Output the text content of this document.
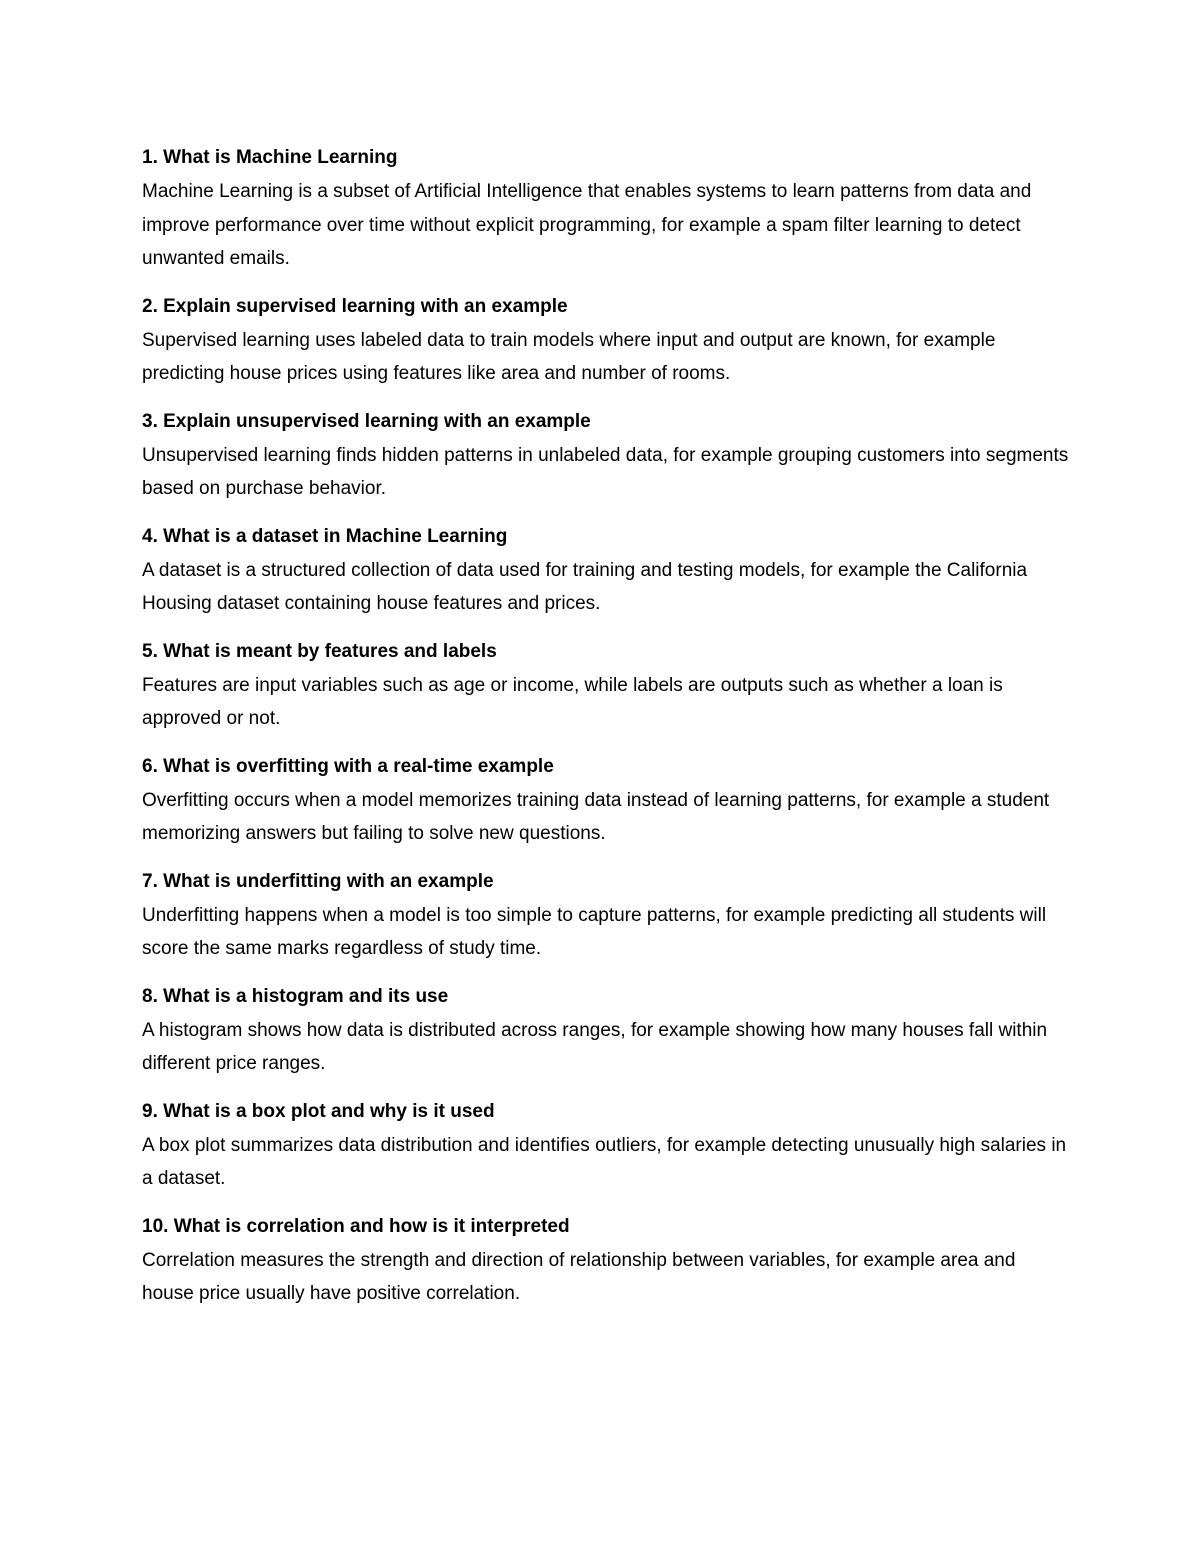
1. What is Machine Learning

Machine Learning is a subset of Artificial Intelligence that enables systems to learn patterns from data and improve performance over time without explicit programming, for example a spam filter learning to detect unwanted emails.

2. Explain supervised learning with an example

Supervised learning uses labeled data to train models where input and output are known, for example predicting house prices using features like area and number of rooms.

3. Explain unsupervised learning with an example

Unsupervised learning finds hidden patterns in unlabeled data, for example grouping customers into segments based on purchase behavior.

4. What is a dataset in Machine Learning

A dataset is a structured collection of data used for training and testing models, for example the California Housing dataset containing house features and prices.

5. What is meant by features and labels

Features are input variables such as age or income, while labels are outputs such as whether a loan is approved or not.

6. What is overfitting with a real-time example

Overfitting occurs when a model memorizes training data instead of learning patterns, for example a student memorizing answers but failing to solve new questions.

7. What is underfitting with an example

Underfitting happens when a model is too simple to capture patterns, for example predicting all students will score the same marks regardless of study time.

8. What is a histogram and its use

A histogram shows how data is distributed across ranges, for example showing how many houses fall within different price ranges.

9. What is a box plot and why is it used

A box plot summarizes data distribution and identifies outliers, for example detecting unusually high salaries in a dataset.

10. What is correlation and how is it interpreted

Correlation measures the strength and direction of relationship between variables, for example area and house price usually have positive correlation.
